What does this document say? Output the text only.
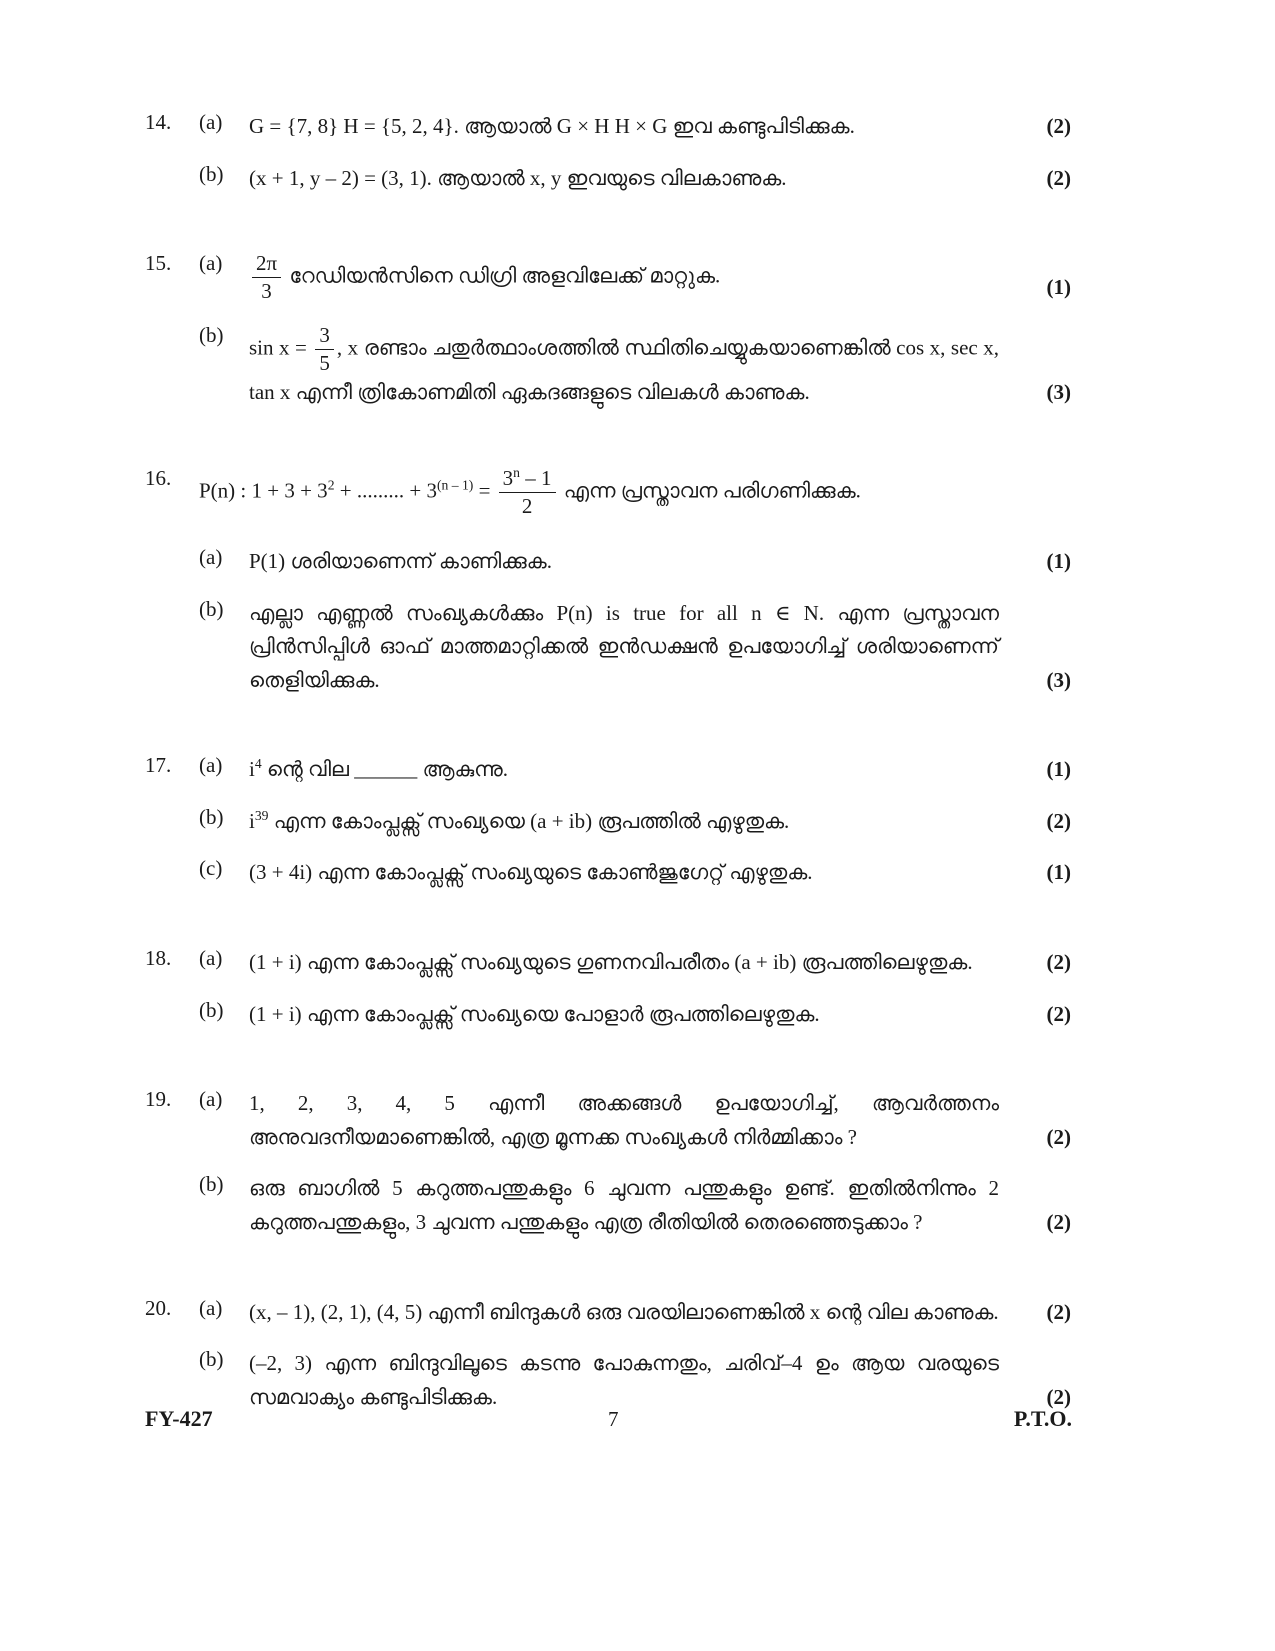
14.	(a)	G = {7, 8} H = {5, 2, 4}. ആയാൽ G × H H × G ഇവ കണ്ടുപിടിക്കുക.	(2)
(b)	(x + 1, y – 2) = (3, 1). ആയാൽ x, y ഇവയുടെ വിലകാണുക.	(2)
15.	(a)	$\frac{2\pi}{3}$ റേഡിയൻസിനെ ഡിഗ്രി അളവിലേക്ക് മാറ്റുക.	(1)
(b)
$\sin x = \frac{3}{5}$ , x രണ്ടാം ചതുർത്ഥാംശത്തിൽ സ്ഥിതിചെയ്യുകയാണെങ്കിൽ cos x, sec x, tan x എന്നീ ത്രികോണമിതി ഏകദങ്ങളുടെ വിലകൾ കാണുക.	(3)
16.
P(n) : $1 + 3 + 3^2$ + ......... + $3^{(n - 1)} = \frac{3^n - 1}{2}$ എന്ന പ്രസ്താവന പരിഗണിക്കുക.
(a)	P(1) ശരിയാണെന്ന് കാണിക്കുക.	(1)
(b)	എല്ലാ എണ്ണൽ സംഖ്യകൾക്കും P(n) is true for all n ∈ N. എന്ന പ്രസ്താവന പ്രിൻസിപ്പിൾ ഓഫ് മാത്തമാറ്റിക്കൽ ഇൻഡക്ഷൻ ഉപയോഗിച്ച് ശരിയാണെന്ന് തെളിയിക്കുക.	(3)
17.	(a)	$i^4$ ന്റെ വില ______ ആകുന്നു.	(1)
(b)	$i^{39}$ എന്ന കോംപ്ലക്സ് സംഖ്യയെ (a + ib) രൂപത്തിൽ എഴുതുക.	(2)
(c)	(3 + 4i) എന്ന കോംപ്ലക്സ് സംഖ്യയുടെ കോൺജുഗേറ്റ് എഴുതുക.	(1)
18.	(a)	(1 + i) എന്ന കോംപ്ലക്സ് സംഖ്യയുടെ ഗുണനവിപരീതം (a + ib) രൂപത്തിലെഴുതുക.	(2)
(b)	(1 + i) എന്ന കോംപ്ലക്സ് സംഖ്യയെ പോളാർ രൂപത്തിലെഴുതുക.	(2)
19.	(a)	1, 2, 3, 4, 5 എന്നീ അക്കങ്ങൾ ഉപയോഗിച്ച്, ആവർത്തനം അനുവദനീയമാണെങ്കിൽ, എത്ര മൂന്നക്ക സംഖ്യകൾ നിർമ്മിക്കാം ?	(2)
(b)	ഒരു ബാഗിൽ 5 കറുത്തപന്തുകളും 6 ചുവന്ന പന്തുകളും ഉണ്ട്. ഇതിൽനിന്നും 2 കറുത്തപന്തുകളും, 3 ചുവന്ന പന്തുകളും എത്ര രീതിയിൽ തെരഞ്ഞെടുക്കാം ?	(2)
20.	(a)	(x, – 1), (2, 1), (4, 5) എന്നീ ബിന്ദുകൾ ഒരു വരയിലാണെങ്കിൽ x ന്റെ വില കാണുക.	(2)
(b)	(–2, 3) എന്ന ബിന്ദുവിലൂടെ കടന്നു പോകുന്നതും, ചരിവ്–4 ഉം ആയ വരയുടെ സമവാക്യം കണ്ടുപിടിക്കുക.	(2)
FY-427	7	P.T.O.
